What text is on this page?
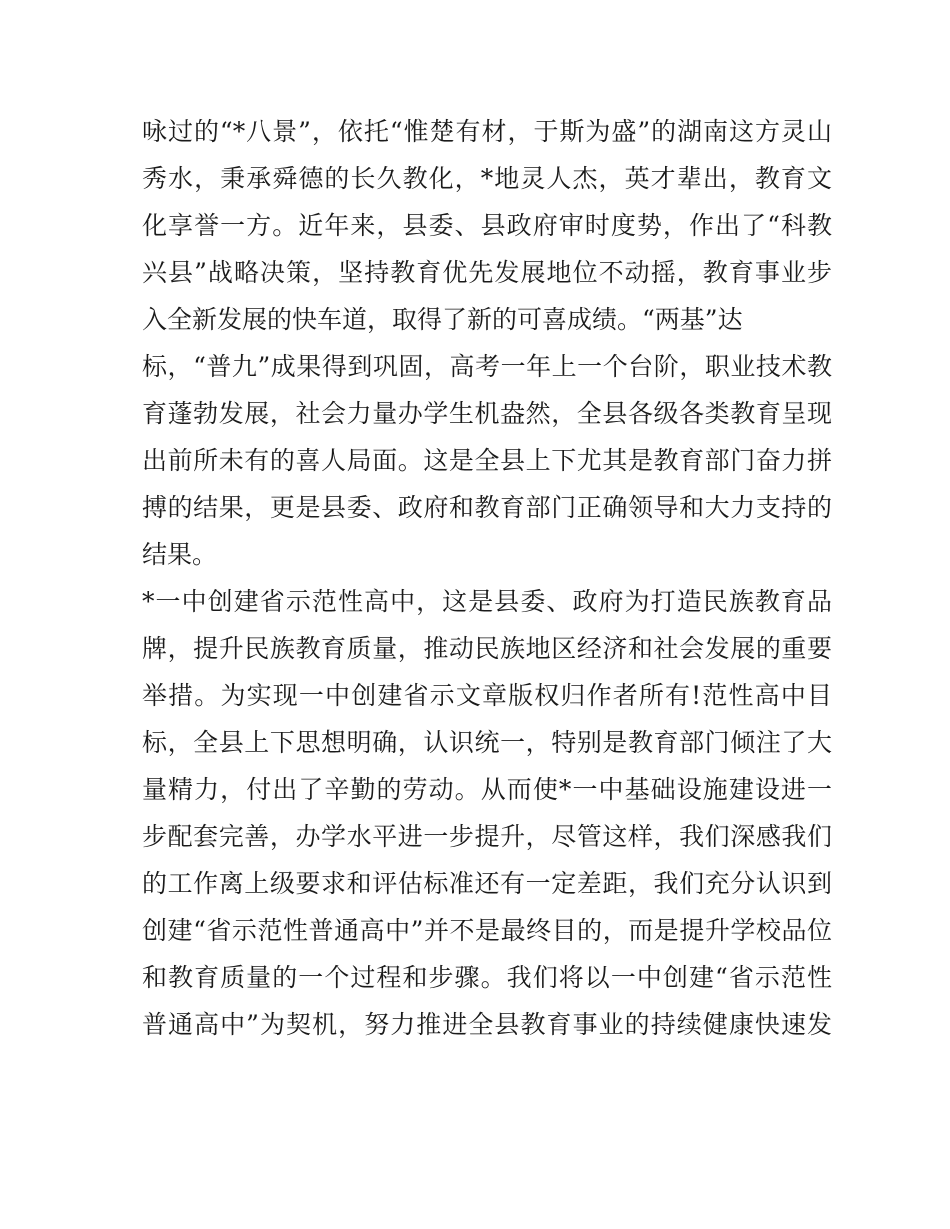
咏过的“*八景”，依托“惟楚有材，于斯为盛”的湖南这方灵山
秀水，秉承舜德的长久教化，*地灵人杰，英才辈出，教育文
化享誉一方。近年来，县委、县政府审时度势，作出了“科教
兴县”战略决策，坚持教育优先发展地位不动摇，教育事业步
入全新发展的快车道，取得了新的可喜成绩。“两基”达
标，“普九”成果得到巩固，高考一年上一个台阶，职业技术教
育蓬勃发展，社会力量办学生机盎然，全县各级各类教育呈现
出前所未有的喜人局面。这是全县上下尤其是教育部门奋力拼
搏的结果，更是县委、政府和教育部门正确领导和大力支持的
结果。
*一中创建省示范性高中，这是县委、政府为打造民族教育品
牌，提升民族教育质量，推动民族地区经济和社会发展的重要
举措。为实现一中创建省示文章版权归作者所有!范性高中目
标，全县上下思想明确，认识统一，特别是教育部门倾注了大
量精力，付出了辛勤的劳动。从而使*一中基础设施建设进一
步配套完善，办学水平进一步提升，尽管这样，我们深感我们
的工作离上级要求和评估标准还有一定差距，我们充分认识到
创建“省示范性普通高中”并不是最终目的，而是提升学校品位
和教育质量的一个过程和步骤。我们将以一中创建“省示范性
普通高中”为契机，努力推进全县教育事业的持续健康快速发
